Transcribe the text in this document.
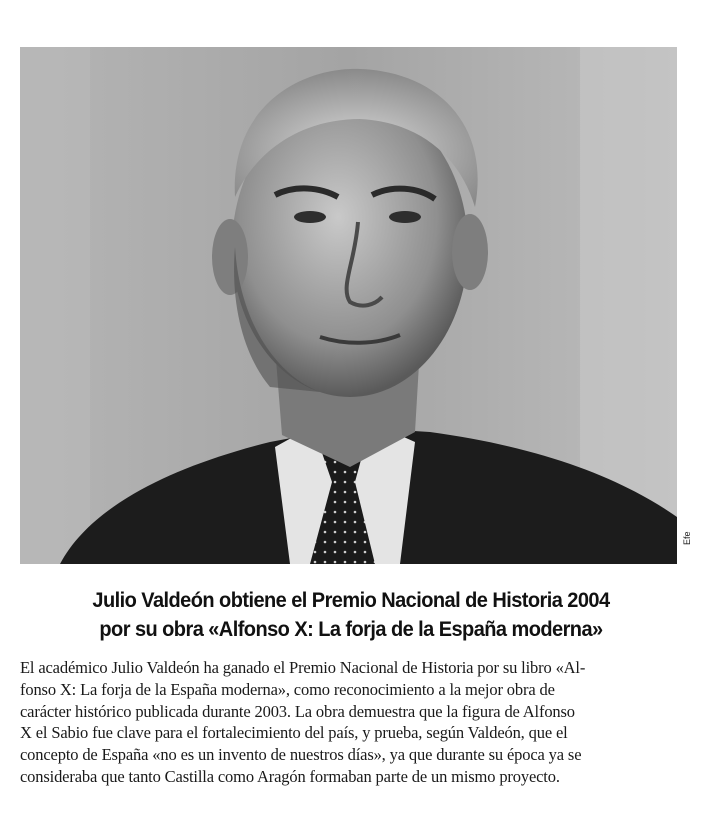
Efe
Julio Valdeón obtiene el Premio Nacional de Historia 2004
por su obra «Alfonso X: La forja de la España moderna»
El académico Julio Valdeón ha ganado el Premio Nacional de Historia por su libro «Al-
fonso X: La forja de la España moderna», como reconocimiento a la mejor obra de
carácter histórico publicada durante 2003. La obra demuestra que la figura de Alfonso
X el Sabio fue clave para el fortalecimiento del país, y prueba, según Valdeón, que el
concepto de España «no es un invento de nuestros días», ya que durante su época ya se
consideraba que tanto Castilla como Aragón formaban parte de un mismo proyecto.
